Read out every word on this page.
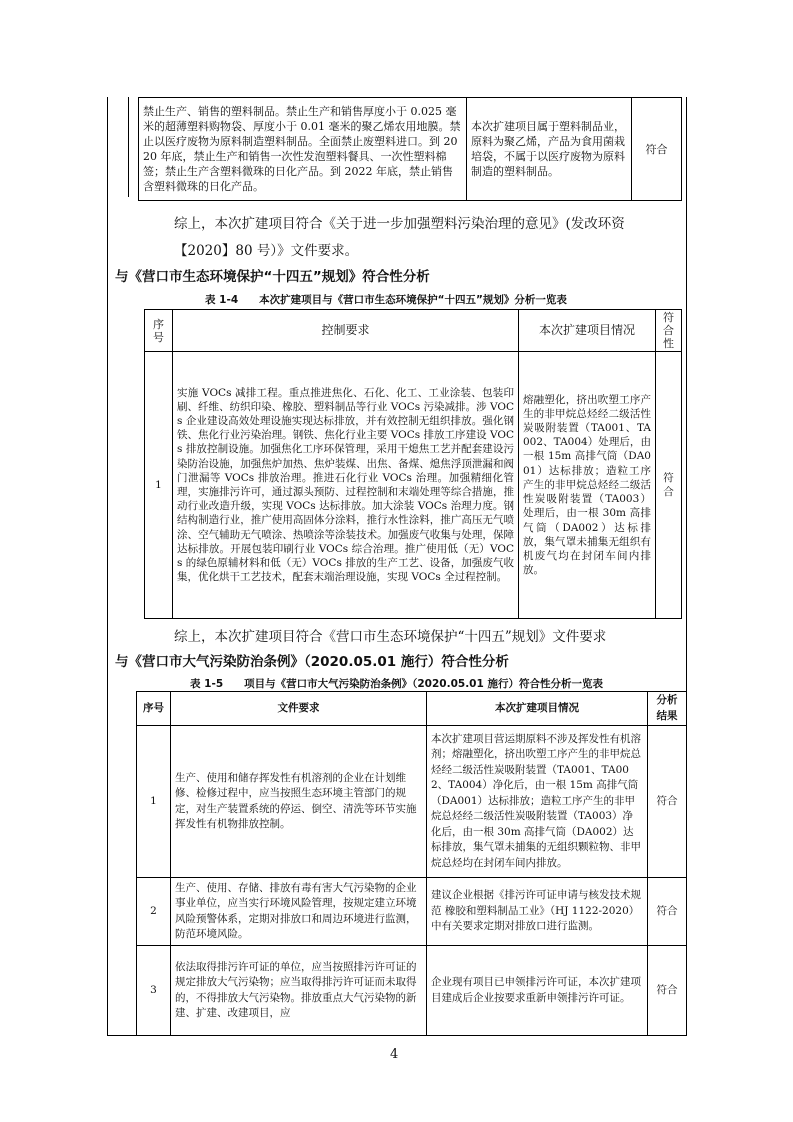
禁止生产、销售的塑料制品。禁止生产和销售厚度小于 0.025 毫米的超薄塑料购物袋、厚度小于 0.01 毫米的聚乙烯农用地膜。禁止以医疗废物为原料制造塑料制品。全面禁止废塑料进口。到 2020 年底，禁止生产和销售一次性发泡塑料餐具、一次性塑料棉签；禁止生产含塑料微珠的日化产品。到 2022 年底，禁止销售含塑料微珠的日化产品。	本次扩建项目属于塑料制品业，原料为聚乙烯，产品为食用菌栽培袋，不属于以医疗废物为原料制造的塑料制品。	符合
综上，本次扩建项目符合《关于进一步加强塑料污染治理的意见》(发改环资【2020】80 号）》文件要求。
与《营口市生态环境保护“十四五”规划》符合性分析
表 1-4　　本次扩建项目与《营口市生态环境保护“十四五”规划》分析一览表
序号	控制要求	本次扩建项目情况	符合性
1	实施 VOCs 减排工程。重点推进焦化、石化、化工、工业涂装、包装印刷、纤维、纺织印染、橡胶、塑料制品等行业 VOCs 污染减排。涉 VOCs 企业建设高效处理设施实现达标排放，并有效控制无组织排放。强化钢铁、焦化行业污染治理。钢铁、焦化行业主要 VOCs 排放工序建设 VOCs 排放控制设施。加强焦化工序环保管理，采用干熄焦工艺并配套建设污染防治设施，加强焦炉加热、焦炉装煤、出焦、备煤、熄焦浮顶泄漏和阀门泄漏等 VOCs 排放治理。推进石化行业 VOCs 治理。加强精细化管理，实施排污许可，通过源头预防、过程控制和末端处理等综合措施，推动行业改造升级，实现 VOCs 达标排放。加大涂装 VOCs 治理力度。钢结构制造行业，推广使用高固体分涂料，推行水性涂料，推广高压无气喷涂、空气辅助无气喷涂、热喷涂等涂装技术。加强废气收集与处理，保障达标排放。开展包装印刷行业 VOCs 综合治理。推广使用低（无）VOCs 的绿色原辅材料和低（无）VOCs 排放的生产工艺、设备，加强废气收集，优化烘干工艺技术，配套末端治理设施，实现 VOCs 全过程控制。	熔融塑化，挤出吹塑工序产生的非甲烷总烃经二级活性炭吸附装置（TA001、TA002、TA004）处理后，由一根 15m 高排气筒（DA001）达标排放；造粒工序产生的非甲烷总烃经二级活性炭吸附装置（TA003）处理后，由一根 30m 高排气筒（DA002）达标排放，集气罩未捕集无组织有机废气均在封闭车间内排放。	符合
综上，本次扩建项目符合《营口市生态环境保护“十四五”规划》文件要求
与《营口市大气污染防治条例》（2020.05.01 施行）符合性分析
表 1-5　　项目与《营口市大气污染防治条例》（2020.05.01 施行）符合性分析一览表
序号	文件要求	本次扩建项目情况	分析结果
1	生产、使用和储存挥发性有机溶剂的企业在计划维修、检修过程中，应当按照生态环境主管部门的规定，对生产装置系统的停运、倒空、清洗等环节实施挥发性有机物排放控制。	本次扩建项目营运期原料不涉及挥发性有机溶剂；熔融塑化，挤出吹塑工序产生的非甲烷总烃经二级活性炭吸附装置（TA001、TA002、TA004）净化后，由一根 15m 高排气筒（DA001）达标排放；造粒工序产生的非甲烷总烃经二级活性炭吸附装置（TA003）净化后，由一根 30m 高排气筒（DA002）达标排放，集气罩未捕集的无组织颗粒物、非甲烷总烃均在封闭车间内排放。	符合
2	生产、使用、存储、排放有毒有害大气污染物的企业事业单位，应当实行环境风险管理，按规定建立环境风险预警体系，定期对排放口和周边环境进行监测，防范环境风险。	建议企业根据《排污许可证申请与核发技术规范 橡胶和塑料制品工业》（HJ 1122-2020）中有关要求定期对排放口进行监测。	符合
3	依法取得排污许可证的单位，应当按照排污许可证的规定排放大气污染物；应当取得排污许可证而未取得的，不得排放大气污染物。排放重点大气污染物的新建、扩建、改建项目，应	企业现有项目已申领排污许可证，本次扩建项目建成后企业按要求重新申领排污许可证。	符合
4
